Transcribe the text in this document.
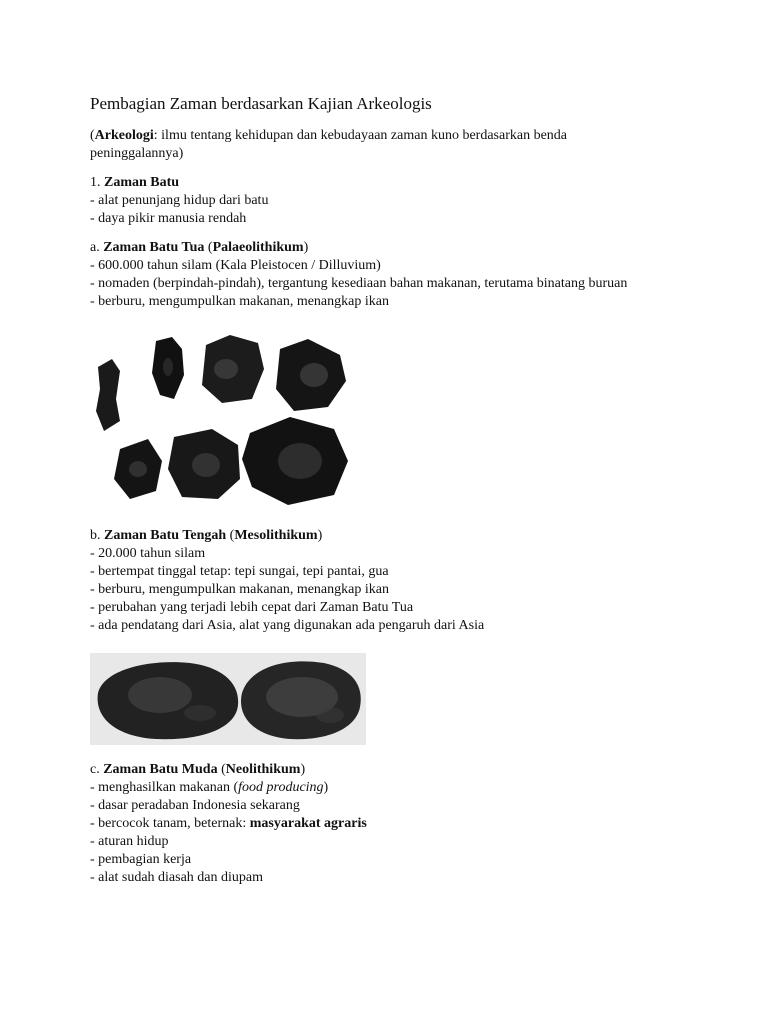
Pembagian Zaman berdasarkan Kajian Arkeologis

(Arkeologi: ilmu tentang kehidupan dan kebudayaan zaman kuno berdasarkan benda

peninggalannya)

1. Zaman Batu

- alat penunjang hidup dari batu

- daya pikir manusia rendah

a. Zaman Batu Tua (Palaeolithikum)

- 600.000 tahun silam (Kala Pleistocen / Dilluvium)

- nomaden (berpindah-pindah), tergantung kesediaan bahan makanan, terutama binatang buruan

- berburu, mengumpulkan makanan, menangkap ikan

b. Zaman Batu Tengah (Mesolithikum)

- 20.000 tahun silam

- bertempat tinggal tetap: tepi sungai, tepi pantai, gua

- berburu, mengumpulkan makanan, menangkap ikan

- perubahan yang terjadi lebih cepat dari Zaman Batu Tua

- ada pendatang dari Asia, alat yang digunakan ada pengaruh dari Asia

c. Zaman Batu Muda (Neolithikum)

- menghasilkan makanan (food producing)

- dasar peradaban Indonesia sekarang

- bercocok tanam, beternak: masyarakat agraris

- aturan hidup

- pembagian kerja

- alat sudah diasah dan diupam
